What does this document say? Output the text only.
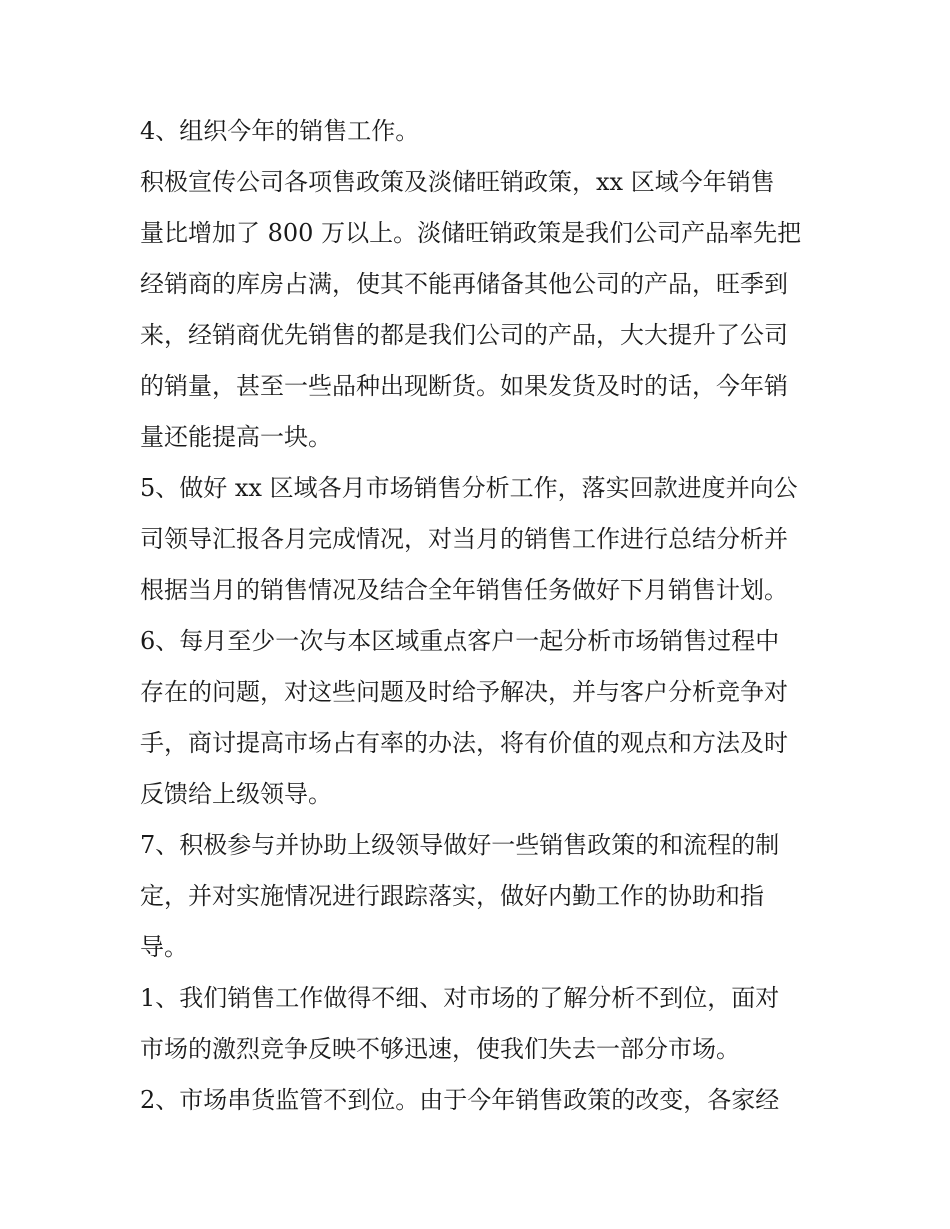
4、组织今年的销售工作。
积极宣传公司各项售政策及淡储旺销政策，xx 区域今年销售
量比增加了 800 万以上。淡储旺销政策是我们公司产品率先把
经销商的库房占满，使其不能再储备其他公司的产品，旺季到
来，经销商优先销售的都是我们公司的产品，大大提升了公司
的销量，甚至一些品种出现断货。如果发货及时的话，今年销
量还能提高一块。
5、做好 xx 区域各月市场销售分析工作，落实回款进度并向公
司领导汇报各月完成情况，对当月的销售工作进行总结分析并
根据当月的销售情况及结合全年销售任务做好下月销售计划。
6、每月至少一次与本区域重点客户一起分析市场销售过程中
存在的问题，对这些问题及时给予解决，并与客户分析竞争对
手，商讨提高市场占有率的办法，将有价值的观点和方法及时
反馈给上级领导。
7、积极参与并协助上级领导做好一些销售政策的和流程的制
定，并对实施情况进行跟踪落实，做好内勤工作的协助和指
导。
1、我们销售工作做得不细、对市场的了解分析不到位，面对
市场的激烈竞争反映不够迅速，使我们失去一部分市场。
2、市场串货监管不到位。由于今年销售政策的改变，各家经
